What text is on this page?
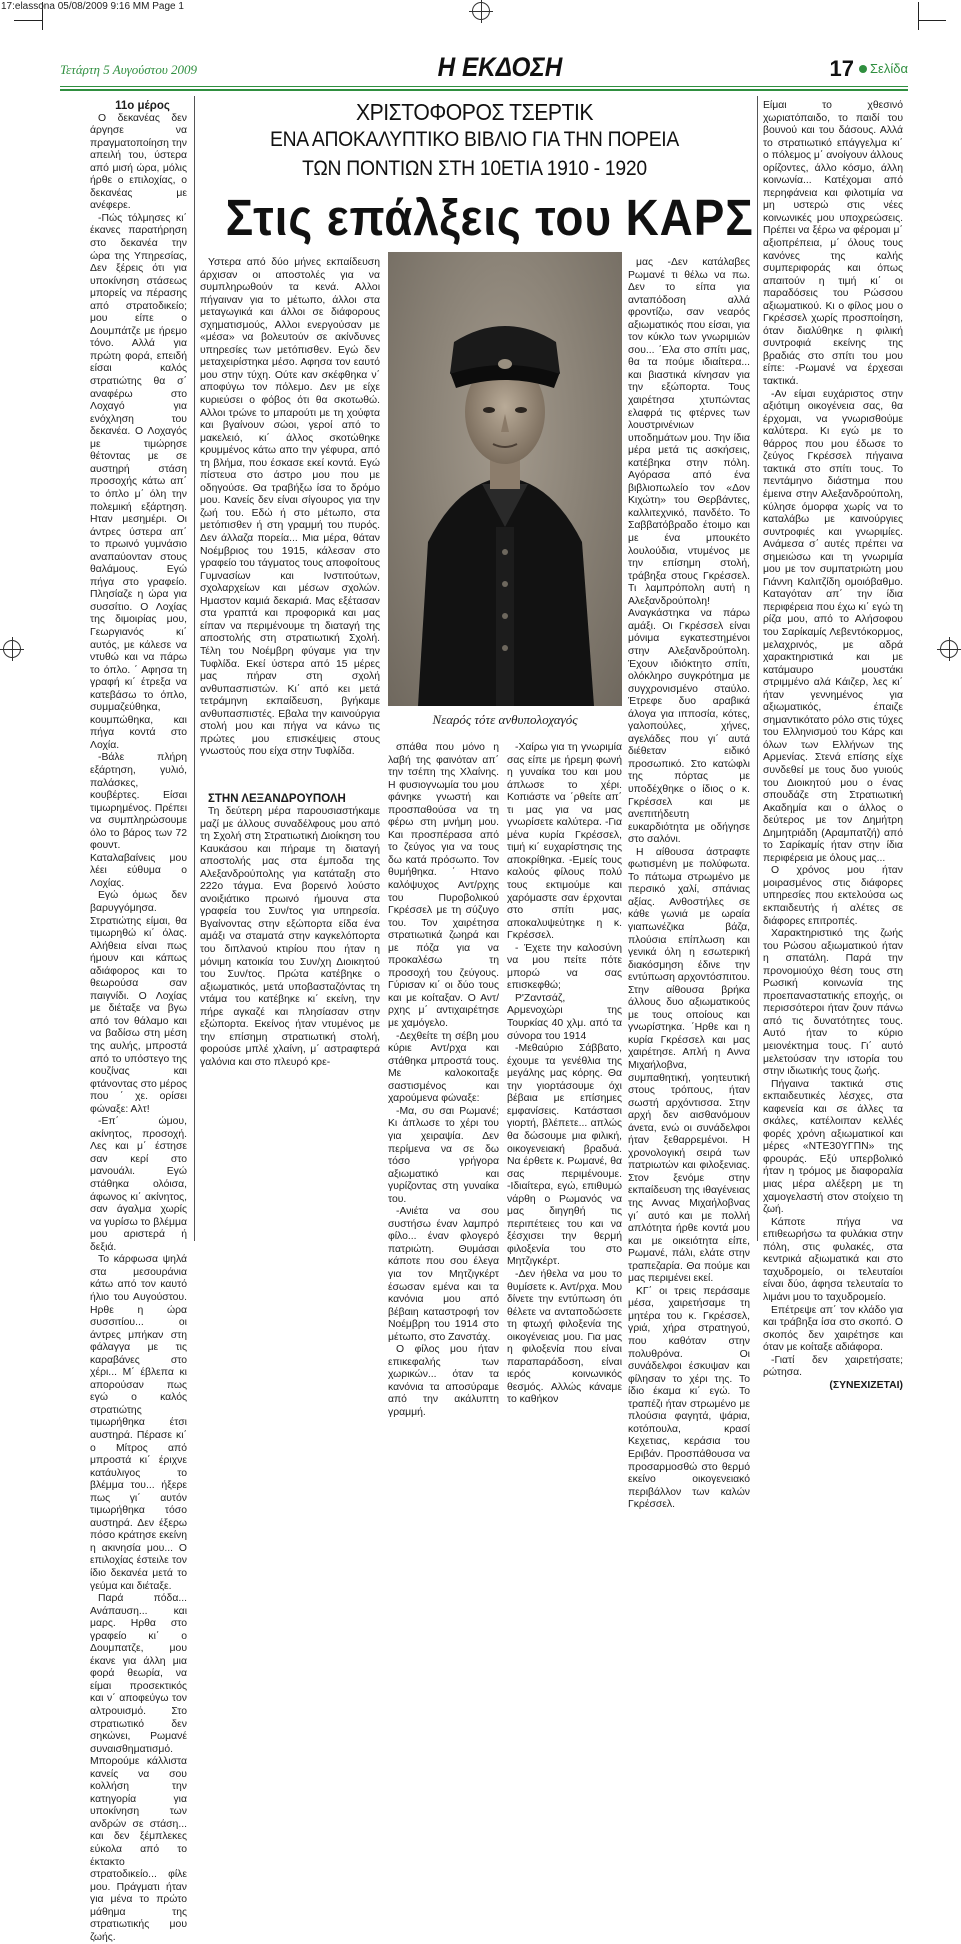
17:elassona 05/08/2009 9:16 ΜΜ Page 1
Τετάρτη 5 Αυγούστου 2009	Η ΕΚΔΟΣΗ	17 Σελίδα

11ο μέρος

Ο δεκανέας δεν άργησε να πραγματοποίηση την απειλή του, ύστερα από μισή ώρα, μόλις ήρθε ο επιλοχίας, ο δεκανέας με ανέφερε.

-Πώς τόλμησες κι΄ έκανες παρατήρηση στο δεκανέα την ώρα της Υπηρεσίας, Δεν ξέρεις ότι για υποκίνηση στάσεως μπορείς να πέρασης από στρατοδικείο; μου είπε ο Δουμπάτζε με ήρεμο τόνο. Αλλά για πρώτη φορά, επειδή είσαι καλός στρατιώτης θα σ΄ αναφέρω στο Λοχαγό για ενόχληση του δεκανέα. Ο Λοχαγός με τιμώρησε θέτοντας με σε αυστηρή στάση προσοχής κάτω απ΄ το όπλο μ΄ όλη την πολεμική εξάρτηση. Ηταν μεσημέρι. Οι άντρες ύστερα απ΄ το πρωινό γυμνάσιο αναπαύονταν στους θαλάμους. Εγώ πήγα στο γραφείο. Πλησίαζε η ώρα για συσσίτιο. Ο Λοχίας της διμοιρίας μου, Γεωργιανός κι΄ αυτός, με κάλεσε να ντυθώ και να πάρω το όπλο. ΄ Αφησα τη γραφή κι΄ έτρεξα να κατεβάσω το όπλο, συμμαζεύθηκα, κουμπώθηκα, και πήγα κοντά στο Λοχία.

-Βάλε πλήρη εξάρτηση, γυλιό, παλάσκες, κουβέρτες. Είσαι τιμωρημένος. Πρέπει να συμπληρώσουμε όλο το βάρος των 72 φουντ. Καταλαβαίνεις μου λέει εύθυμα ο Λοχίας.

Εγώ όμως δεν βαρυγγόμησα. Στρατιώτης είμαι, θα τιμωρηθώ κι΄ όλας. Αλήθεια είναι πως ήμουν και κάπως αδιάφορος και το θεωρούσα σαν παιγνίδι. Ο Λοχίας με διέταξε να βγω από τον θάλαμο και να βαδίσω στη μέση της αυλής, μπροστά από το υπόστεγο της κουζίνας και φτάνοντας στο μέρος που ΄ χε. ορίσει φώναξε: Αλτ!

-Επ΄ ώμου, ακίνητος, προσοχή. Λες και μ΄ έστησε σαν κερί στο μανουάλι. Εγώ στάθηκα ολόισα, άφωνος κι΄ ακίνητος, σαν άγαλμα χωρίς να γυρίσω το βλέμμα μου αριστερά ή δεξιά.

Το κάρφωσα ψηλά στα μεσουράνια κάτω από τον καυτό ήλιο του Αυγούστου. Ηρθε η ώρα συσσιτίου... οι άντρες μπήκαν στη φάλαγγα με τις καραβάνες στο χέρι... Μ΄ έβλεπα κι απορούσαν πως εγώ ο καλός στρατιώτης τιμωρήθηκα έτσι αυστηρά. Πέρασε κι΄ ο Μίτρος από μπροστά κι΄ έριχνε κατάυλιγος το βλέμμα του... ήξερε πως γι΄ αυτόν τιμωρήθηκα τόσο αυστηρά. Δεν έξερω πόσο κράτησε εκείνη η ακινησία μου... Ο επιλοχίας έστειλε τον ίδιο δεκανέα μετά το γεύμα και διέταξε.

Παρά πόδα... Ανάπαυση... και μαρς. Ηρθα στο γραφείο κι΄ ο Δουμπατζε, μου έκανε για άλλη μια φορά θεωρία, να είμαι προσεκτικός και ν΄ αποφεύγω τον αλτρουισμό. Στο στρατιωτικό δεν σηκώνει, Ρωμανέ συναισθηματισμό. Μπορούμε κάλλιστα κανείς να σου κολλήση την κατηγορία για υποκίνηση των ανδρών σε στάση... και δεν ξέμπλεκες εύκολα από το έκτακτο στρατοδικείο... φίλε μου. Πράγματι ήταν για μένα το πρώτο μάθημα της στρατιωτικής μου ζωής.

ΧΡΙΣΤΟΦΟΡΟΣ ΤΣΕΡΤΙΚ
ΕΝΑ ΑΠΟΚΑΛΥΠΤΙΚΟ ΒΙΒΛΙΟ ΓΙΑ ΤΗΝ ΠΟΡΕΙΑ
ΤΩΝ ΠΟΝΤΙΩΝ ΣΤΗ 10ΕΤΙΑ 1910 - 1920
Στις επάλξεις του ΚΑΡΣ

Υστερα από δύο μήνες εκπαίδευση άρχισαν οι αποστολές για να συμπληρωθούν τα κενά. Αλλοι πήγαιναν για το μέτωπο, άλλοι στα μεταγωγικά και άλλοι σε διάφορους σχηματισμούς, Αλλοι ενεργούσαν με «μέσα» να βολευτούν σε ακίνδυνες υπηρεσίες των μετόπισθεν. Εγώ δεν μεταχειρίστηκα μέσο. Αφησα τον εαυτό μου στην τύχη. Ούτε καν σκέφθηκα ν΄ αποφύγω τον πόλεμο. Δεν με είχε κυριεύσει ο φόβος ότι θα σκοτωθώ. Αλλοι τρώνε το μπαρούτι με τη χούφτα και βγαίνουν σώοι, γεροί από το μακελειό, κι΄ άλλος σκοτώθηκε κρυμμένος κάτω απο την γέφυρα, από τη βλήμα, που έσκασε εκεί κοντά. Εγώ πίστευα στο άστρο μου που με οδηγούσε. Θα τραβήξω ίσα το δρόμο μου. Κανείς δεν είναι σίγουρος για την ζωή του. Εδώ ή στο μέτωπο, στα μετόπισθεν ή στη γραμμή του πυρός. Δεν άλλαζα πορεία... Μια μέρα, θάταν Νοέμβριος του 1915, κάλεσαν στο γραφείο του τάγματος τους αποφοίτους Γυμνασίων και Ινστιτούτων, σχολαρχείων και μέσων σχολών. Ημαστον καμιά δεκαριά. Μας εξέτασαν στα γραπτά και προφορικά και μας είπαν να περιμένουμε τη διαταγή της αποστολής στη στρατιωτική Σχολή. Τέλη του Νοέμβρη φύγαμε για την Τυφλίδα. Εκεί ύστερα από 15 μέρες μας πήραν στη σχολή ανθυπασπιστών. Κι΄ από κει μετά τετράμηνη εκπαίδευση, βγήκαμε ανθυπασπιστές. Εβαλα την καινούργια στολή μου και πήγα να κάνω τις πρώτες μου επισκέψεις στους γνωστούς που είχα στην Τυφλίδα.

Νεαρός τότε ανθυπολοχαγός

ΣΤΗΝ ΛΕΞΑΝΔΡΟΥΠΟΛΗ

Τη δεύτερη μέρα παρουσιαστήκαμε μαζί με άλλους συναδέλφους μου από τη Σχολή στη Στρατιωτική Διοίκηση του Καυκάσου και πήραμε τη διαταγή αποστολής μας στα έμποδα της Αλεξανδρούπολης για κατάταξη στο 222ο τάγμα. Ενα βορεινό λούστο ανοιξιάτικο πρωινό ήμουνα στα γραφεία του Συν/τος για υπηρεσία. Βγαίνοντας στην εξώπορτα είδα ένα αμάξι να σταματά στην καγκελόπορτα του διπλανού κτιρίου που ήταν η μόνιμη κατοικία του Συν/χη Διοικητού του Συν/τος. Πρώτα κατέβηκε ο αξιωματικός, μετά υποβασταζόντας τη ντάμα του κατέβηκε κι΄ εκείνη, την πήρε αγκαζέ και πλησίασαν στην εξώπορτα. Εκείνος ήταν ντυμένος με την επίσημη στρατιωτική στολή, φορούσε μπλέ χλαίνη, μ΄ αστραφτερά γαλόνια και στο πλευρό κρε-

σπάθα που μόνο η λαβή της φαινόταν απ΄ την τσέπη της Χλαίνης. Η φυσιογνωμία του μου φάνηκε γνωστή και προσπαθούσα να τη φέρω στη μνήμη μου. Και προσπέρασα από το ζεύγος για να τους δω κατά πρόσωπο. Τον θυμήθηκα. ΄ Ητανο καλόψυχος Αντ/ρχης του Πυροβολικού Γκρέσσελ με τη σύζυγο του. Τον χαιρέτησα στρατιωτικά ζωηρά και με πόζα για να προκαλέσω τη προσοχή του ζεύγους. Γύρισαν κι΄ οι δύο τους και με κοίταξαν. Ο Αντ/ρχης μ΄ αντιχαιρέτησε με χαμόγελο.

-Δεχθείτε τη σέβη μου κύριε Αντ/ρχα και στάθηκα μπροστά τους. Με καλοκοιταξε σαστισμένος και χαρούμενα φώναξε:

-Μα, συ σαι Ρωμανέ; Κι άπλωσε το χέρι του για χειραψία. Δεν περίμενα να σε δω τόσο γρήγορα αξιωματικό και γυρίζοντας στη γυναίκα του.

-Ανιέτα να σου συστήσω έναν λαμπρό φίλο... έναν φλογερό πατριώτη. Θυμάσαι κάποτε που σου έλεγα για τον Μητζιγκέρτ έσωσαν εμένα και τα κανόνια μου από βέβαιη καταστροφή τον Νοέμβρη του 1914 στο μέτωπο, στο Ζανστάχ.

Ο φίλος μου ήταν επικεφαλής των χωρικών... όταν τα κανόνια τα αποσύραμε από την ακάλυπτη γραμμή.

-Χαίρω για τη γνωριμία σας είπε με ήρεμη φωνή η γυναίκα του και μου άπλωσε το χέρι. Κοπιάστε να ΄ρθείτε απ΄ τι μας για να μας γνωρίσετε καλύτερα. -Για μένα κυρία Γκρέσσελ, τιμή κι΄ ευχαρίστησις της αποκρίθηκα. -Εμείς τους καλούς φίλους πολύ τους εκτιμούμε και χαρόμαστε σαν έρχονται στο σπίτι μας, αποκαλυψεύτηκε η κ. Γκρέσσελ.

- Έχετε την καλοσύνη να μου πείτε πότε μπορώ να σας επισκεφθώ;

Ρ'Ζαντσάζ, Αρμενοχώρι της Τουρκίας 40 χλμ. από τα σύνορα του 1914

-Μεθαύριο Σάββατο, έχουμε τα γενέθλια της μεγάλης μας κόρης. Θα την γιορτάσουμε όχι βέβαια με επίσημες εμφανίσεις. Κατάστασι γιορτή, βλέπετε... απλώς θα δώσουμε μια φιλική, οικογενειακή βραδυά. Να έρθετε κ. Ρωμανέ, θα σας περιμένουμε. -Ιδιαίτερα, εγώ, επιθυμώ νάρθη ο Ρωμανός να μας διηγηθή τις περιπέτειες του και να ξέσχισει την θερμή φιλοξενία του στο Μητζιγκέρτ.

-Δεν ήθελα να μου το θυμίσετε κ. Αντ/ρχα. Μου δίνετε την εντύπωση ότι θέλετε να ανταποδώσετε τη φτωχή φιλοξενία της οικογένειας μου. Για μας η φιλοξενία που είναι παραπαράδοση, είναι ιερός κοινωνικός θεσμός. Αλλώς κάναμε το καθήκον

μας -Δεν κατάλαβες Ρωμανέ τι θέλω να πω. Δεν το είπα για ανταπόδοση αλλά φροντίζω, σαν νεαρός αξιωματικός που είσαι, για τον κύκλο των γνωριμιών σου... ΄Ελα στο σπίτι μας, θα τα πούμε ιδιαίτερα... και βιαστικά κίνησαν για την εξώπορτα. Τους χαιρέτησα χτυπώντας ελαφρά τις φτέρνες των λουστρινένιων υποδημάτων μου. Την ίδια μέρα μετά τις ασκήσεις, κατέβηκα στην πόλη. Αγόρασα από ένα βιβλιοπωλείο τον «Δον Κιχώτη» του Θερβάντες, καλλιτεχνικό, πανδέτο. Το Σαββατόβραδο έτοιμο και με ένα μπουκέτο λουλούδια, ντυμένος με την επίσημη στολή, τράβηξα στους Γκρέσσελ. Τι λαμπρόπολη αυτή η Αλεξανδρούπολη! Αναγκάστηκα να πάρω αμάξι. Οι Γκρέσσελ είναι μόνιμα εγκατεστημένοι στην Αλεξανδρούπολη. Έχουν ιδιόκτητο σπίτι, ολόκληρο συγκρότημα με συγχρονισμένο σταύλο. Έτρεφε δυο αραβικά άλογα για ιπποσία, κότες, γαλοπούλες, χήνες, αγελάδες που γι΄ αυτά διέθεταν ειδικό προσωπικό. Στο κατώφλι της πόρτας με υποδέχθηκε ο ίδιος ο κ. Γκρέσσελ και με ανεπιτήδευτη ευκαρδιότητα με οδήγησε στο σαλόνι.

Η αίθουσα άστραφτε φωτισμένη με πολύφωτα. Το πάτωμα στρωμένο με περσικό χαλί, σπάνιας αξίας. Ανθοστήλες σε κάθε γωνιά με ωραία γιαπωνέζικα βάζα, πλούσια επίπλωση και γενικά όλη η εσωτερική διακόσμηση έδινε την εντύπωση αρχοντόσπιτου. Στην αίθουσα βρήκα άλλους δυο αξιωματικούς με τους οποίους και γνωρίστηκα. ΄Ηρθε και η κυρία Γκρέσσελ και μας χαιρέτησε. Απλή η Αννα Μιχαήλοβνα, συμπαθητική, γοητευτική στους τρόπους, ήταν σωστή αρχόντισσα. Στην αρχή δεν αισθανόμουν άνετα, ενώ οι συνάδελφοι ήταν ξεθαρρεμένοι. Η χρονολογική σειρά των πατριωτών και φιλοξενιας. Στον ξενόμε στην εκπαίδευση της ιθαγένειας της Αννας Μιχαήλοβνας γι΄ αυτό και με πολλή απλότητα ήρθε κοντά μου και με οικειότητα είπε, Ρωμανέ, πάλι, ελάτε στην τραπεζαρία. Θα πούμε και μας περιμένει εκεί.

ΚΓ΄ οι τρεις περάσαμε μέσα, χαιρετήσαμε τη μητέρα του κ. Γκρέσσελ, γριά, χήρα στρατηγού, που καθόταν στην πολυθρόνα. Οι συνάδελφοι έσκυψαν και φίλησαν το χέρι της. Το ίδιο έκαμα κι΄ εγώ. Το τραπέζι ήταν στρωμένο με πλούσια φαγητά, ψάρια, κοτόπουλα, κρασί Κεχετιας, κεράσια του Εριβάν. Προσπάθουσα να προσαρμοσθώ στο θερμό εκείνο οικογενειακό περιβάλλον των καλών Γκρέσσελ.

Είμαι το χθεσινό χωριατόπαιδο, το παιδί του βουνού και του δάσους. Αλλά το στρατιωτικό επάγγελμα κι΄ ο πόλεμος μ΄ ανοίγουν άλλους ορίζοντες, άλλο κόσμο, άλλη κοινωνία... Κατέχομαι από περηφάνεια και φιλοτιμία να μη υστερώ στις νέες κοινωνικές μου υποχρεώσεις. Πρέπει να ξέρω να φέρομαι μ΄ αξιοπρέπεια, μ΄ όλους τους κανόνες της καλής συμπεριφοράς και όπως απαιτούν η τιμή κι΄ οι παραδόσεις του Ρώσσου αξιωματικού. Κι ο φίλος μου ο Γκρέσσελ χωρίς προσποίηση, όταν διαλύθηκε η φιλική συντροφιά εκείνης της βραδιάς στο σπίτι του μου είπε: -Ρωμανέ να έρχεσαι τακτικά.

-Αν είμαι ευχάριστος στην αξιότιμη οικογένεια σας, θα έρχομαι, να γνωρισθούμε καλύτερα. Κι εγώ με το θάρρος που μου έδωσε το ζεύγος Γκρέσσελ πήγαινα τακτικά στο σπίτι τους. Το πεντάμηνο διάστημα που έμεινα στην Αλεξανδρούπολη, κύλησε όμορφα χωρίς να το καταλάβω με καινούργιες συντροφιές και γνωριμίες. Ανάμεσα σ΄ αυτές πρέπει να σημειώσω και τη γνωριμία μου με τον συμπατριώτη μου Γιάννη Καλιτζίδη ομοιόβαθμο. Καταγόταν απ΄ την ίδια περιφέρεια που έχω κι΄ εγώ τη ρίζα μου, από το Αλήσοφου του Σαρίκαμίς Λεβεντόκορμος, μελαχρινός, με αδρά χαρακτηριστικά και με κατάμαυρο μουστάκι στριμμένο αλά Κάιζερ, λες κι΄ ήταν γεννημένος για αξιωματικός, έπαιζε σημαντικότατο ρόλο στις τύχες του Ελληνισμού του Κάρς και όλων των Ελλήνων της Αρμενίας. Στενά επίσης είχε συνδεθεί με τους δυο γυιούς του Διοικητού μου ο ένας σπουδάζε στη Στρατιωτική Ακαδημία και ο άλλος ο δεύτερος με τον Δημήτρη Δημητριάδη (Αραμπατζή) από το Σαρίκαμίς ήταν στην ίδια περιφέρεια με όλους μας...

Ο χρόνος μου ήταν μοιρασμένος στις διάφορες υπηρεσίες που εκτελούσα ως εκπαιδευτής ή αλέτες σε διάφορες επιτροπές.

Χαρακτηριστικό της ζωής του Ρώσου αξιωματικού ήταν η σπατάλη. Παρά την προνομιούχο θέση τους στη Ρωσική κοινωνία της προεπαναστατικής εποχής, οι περισσότεροι ήταν ζουν πάνω από τις δυνατότητες τους. Αυτό ήταν το κύριο μειονέκτημα τους. Γι΄ αυτό μελετούσαν την ιστορία του στην ιδιωτικής τους ζωής.

Πήγαινα τακτικά στις εκπαιδευτικές λέσχες, στα καφενεία και σε άλλες τα σκάλες, κατέλοιπαν κελλές φορές χρόνη αξιωματικοί και μέρες «ΝΤΕ30ΥΓΠΝ» της φρουράς. Εξύ υπερβολικό ήταν η τρόμος με διαφοραλία μιας μέρα αλέξερη με τη χαμογελαστή στον στοίχειο τη ζωή.

Κάποτε πήγα να επιθεωρήσω τα φυλάκια στην πόλη, στις φυλακές, στα κεντρικά αξιωματικά και στο ταχυδρομείο, οι τελευταίοι είναι δύο, άφησα τελευταία το λιμάνι μου το ταχυδρομείο.

Επέτρεψε απ΄ τον κλάδο για και τράβηξα ίσα στο σκοπό. Ο σκοπός δεν χαιρέτησε και όταν με κοίταξε αδιάφορα.

-Γιατί δεν χαιρετήσατε; ρώτησα.

(ΣΥΝΕΧΙΖΕΤΑΙ)
